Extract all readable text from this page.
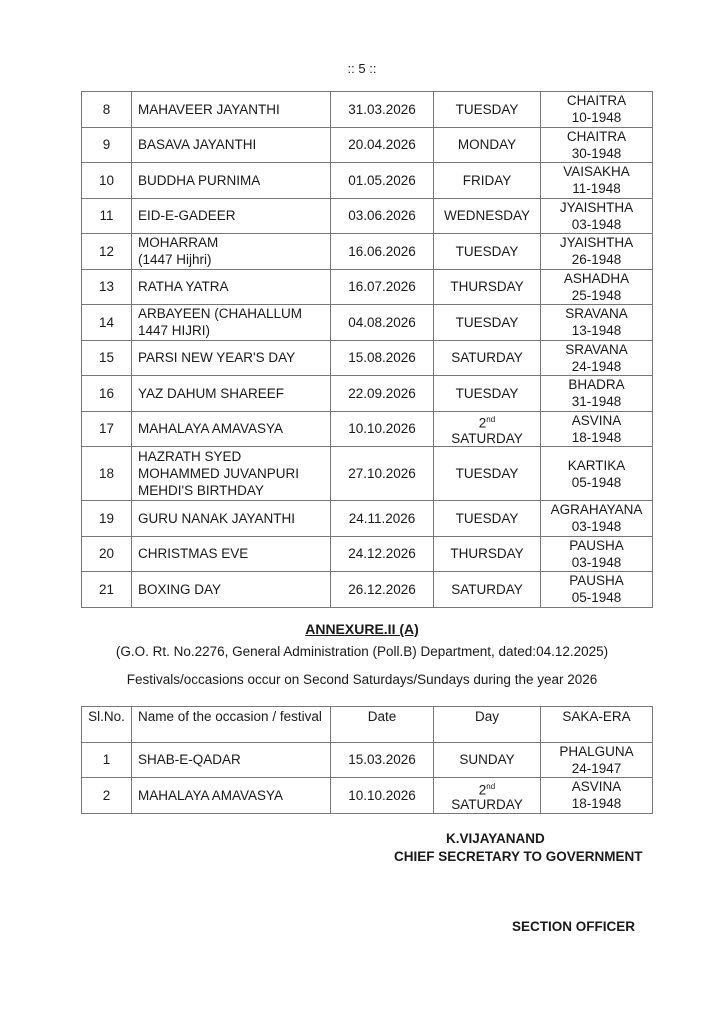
:: 5 ::
8	MAHAVEER JAYANTHI	31.03.2026	TUESDAY	CHAITRA
10-1948
9	BASAVA JAYANTHI	20.04.2026	MONDAY	CHAITRA
30-1948
10	BUDDHA PURNIMA	01.05.2026	FRIDAY	VAISAKHA
11-1948
11	EID-E-GADEER	03.06.2026	WEDNESDAY	JYAISHTHA
03-1948
12	MOHARRAM
(1447 Hijhri)	16.06.2026	TUESDAY	JYAISHTHA
26-1948
13	RATHA YATRA	16.07.2026	THURSDAY	ASHADHA
25-1948
14	ARBAYEEN (CHAHALLUM
1447 HIJRI)	04.08.2026	TUESDAY	SRAVANA
13-1948
15	PARSI NEW YEAR'S DAY	15.08.2026	SATURDAY	SRAVANA
24-1948
16	YAZ DAHUM SHAREEF	22.09.2026	TUESDAY	BHADRA
31-1948
17	MAHALAYA AMAVASYA	10.10.2026	2nd
SATURDAY	ASVINA
18-1948
18	HAZRATH SYED
MOHAMMED JUVANPURI
MEHDI'S BIRTHDAY	27.10.2026	TUESDAY	KARTIKA
05-1948
19	GURU NANAK JAYANTHI	24.11.2026	TUESDAY	AGRAHAYANA
03-1948
20	CHRISTMAS EVE	24.12.2026	THURSDAY	PAUSHA
03-1948
21	BOXING DAY	26.12.2026	SATURDAY	PAUSHA
05-1948
ANNEXURE.II (A)
(G.O. Rt. No.2276, General Administration (Poll.B) Department, dated:04.12.2025)
Festivals/occasions occur on Second Saturdays/Sundays during the year 2026
Sl.No.	Name of the occasion / festival	Date	Day	SAKA-ERA
1	SHAB-E-QADAR	15.03.2026	SUNDAY	PHALGUNA
24-1947
2	MAHALAYA AMAVASYA	10.10.2026	2nd
SATURDAY	ASVINA
18-1948
K.VIJAYANAND
CHIEF SECRETARY TO GOVERNMENT
SECTION OFFICER
